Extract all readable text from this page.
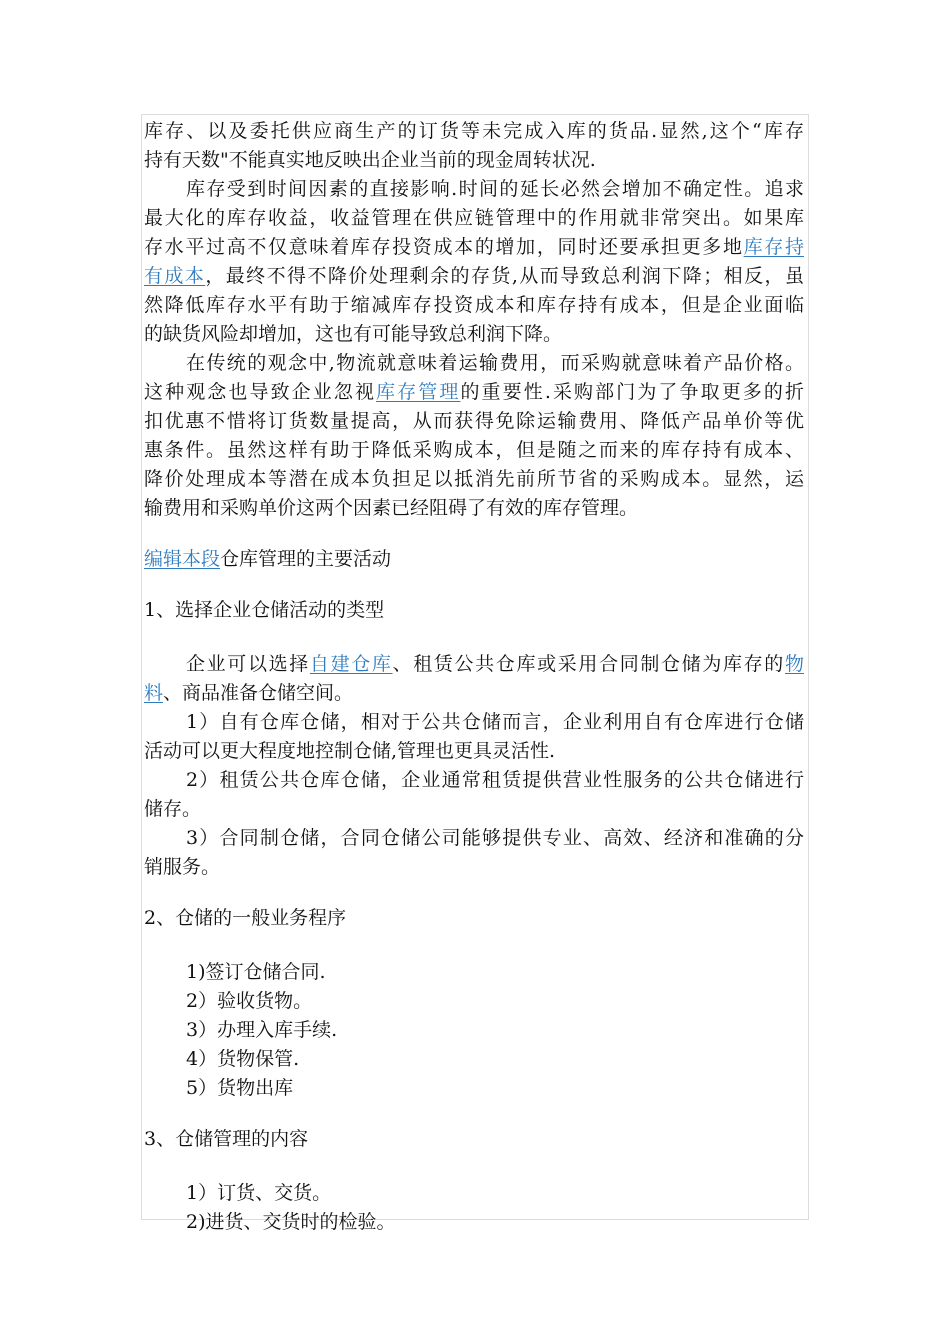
库存、以及委托供应商生产的订货等未完成入库的货品.显然,这个“库存
持有天数"不能真实地反映出企业当前的现金周转状况.
库存受到时间因素的直接影响.时间的延长必然会增加不确定性。追求
最大化的库存收益，收益管理在供应链管理中的作用就非常突出。如果库
存水平过高不仅意味着库存投资成本的增加，同时还要承担更多地库存持
有成本，最终不得不降价处理剩余的存货,从而导致总利润下降；相反，虽
然降低库存水平有助于缩减库存投资成本和库存持有成本，但是企业面临
的缺货风险却增加，这也有可能导致总利润下降。
在传统的观念中,物流就意味着运输费用，而采购就意味着产品价格。
这种观念也导致企业忽视库存管理的重要性.采购部门为了争取更多的折
扣优惠不惜将订货数量提高，从而获得免除运输费用、降低产品单价等优
惠条件。虽然这样有助于降低采购成本，但是随之而来的库存持有成本、
降价处理成本等潜在成本负担足以抵消先前所节省的采购成本。显然，运
输费用和采购单价这两个因素已经阻碍了有效的库存管理。
编辑本段仓库管理的主要活动
1、选择企业仓储活动的类型
企业可以选择自建仓库、租赁公共仓库或采用合同制仓储为库存的物
料、商品准备仓储空间。
1）自有仓库仓储，相对于公共仓储而言，企业利用自有仓库进行仓储
活动可以更大程度地控制仓储,管理也更具灵活性.
2）租赁公共仓库仓储，企业通常租赁提供营业性服务的公共仓储进行
储存。
3）合同制仓储，合同仓储公司能够提供专业、高效、经济和准确的分
销服务。
2、仓储的一般业务程序
1)签订仓储合同.
2）验收货物。
3）办理入库手续.
4）货物保管.
5）货物出库
3、仓储管理的内容
1）订货、交货。
2)进货、交货时的检验。
